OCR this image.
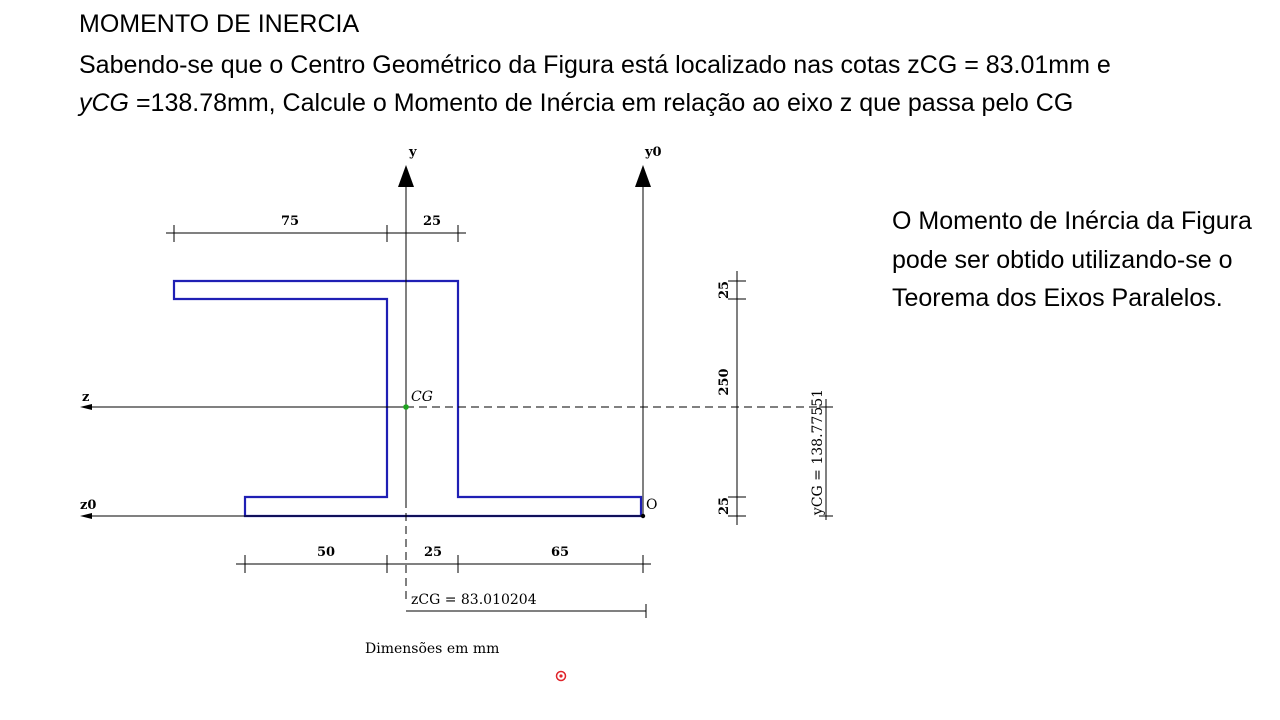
MOMENTO DE INERCIA

Sabendo-se que o Centro Geométrico da Figura está localizado nas cotas zCG = 83.01mm e
yCG =138.78mm, Calcule o Momento de Inércia em relação ao eixo z que passa pelo CG

O Momento de Inércia da Figura pode ser obtido utilizando-se o Teorema dos Eixos Paralelos.

y	y0
z
z0	O
CG
75	25
50	25	65
zCG = 83.010204
25
250
25	yCG = 138.77551
Dimensões em mm
